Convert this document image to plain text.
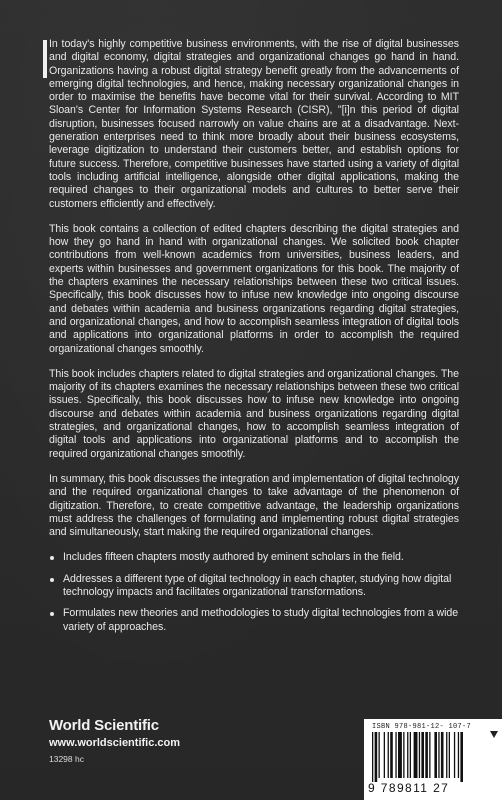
In today's highly competitive business environments, with the rise of digital businesses and digital economy, digital strategies and organizational changes go hand in hand. Organizations having a robust digital strategy benefit greatly from the advancements of emerging digital technologies, and hence, making necessary organizational changes in order to maximise the benefits have become vital for their survival. According to MIT Sloan's Center for Information Systems Research (CISR), "[i]n this period of digital disruption, businesses focused narrowly on value chains are at a disadvantage. Next-generation enterprises need to think more broadly about their business ecosystems, leverage digitization to understand their customers better, and establish options for future success. Therefore, competitive businesses have started using a variety of digital tools including artificial intelligence, alongside other digital applications, making the required changes to their organizational models and cultures to better serve their customers efficiently and effectively.

This book contains a collection of edited chapters describing the digital strategies and how they go hand in hand with organizational changes. We solicited book chapter contributions from well-known academics from universities, business leaders, and experts within businesses and government organizations for this book. The majority of the chapters examines the necessary relationships between these two critical issues. Specifically, this book discusses how to infuse new knowledge into ongoing discourse and debates within academia and business organizations regarding digital strategies, and organizational changes, and how to accomplish seamless integration of digital tools and applications into organizational platforms in order to accomplish the required organizational changes smoothly.

This book includes chapters related to digital strategies and organizational changes. The majority of its chapters examines the necessary relationships between these two critical issues. Specifically, this book discusses how to infuse new knowledge into ongoing discourse and debates within academia and business organizations regarding digital strategies, and organizational changes, how to accomplish seamless integration of digital tools and applications into organizational platforms and to accomplish the required organizational changes smoothly.

In summary, this book discusses the integration and implementation of digital technology and the required organizational changes to take advantage of the phenomenon of digitization. Therefore, to create competitive advantage, the leadership organizations must address the challenges of formulating and implementing robust digital strategies and simultaneously, start making the required organizational changes.

Includes fifteen chapters mostly authored by eminent scholars in the field.
Addresses a different type of digital technology in each chapter, studying how digital technology impacts and facilitates organizational transformations.
Formulates new theories and methodologies to study digital technologies from a wide variety of approaches.
World Scientific
www.worldscientific.com
13298 hc
ISBN 978-981-12- 107-7
9 789811 27
